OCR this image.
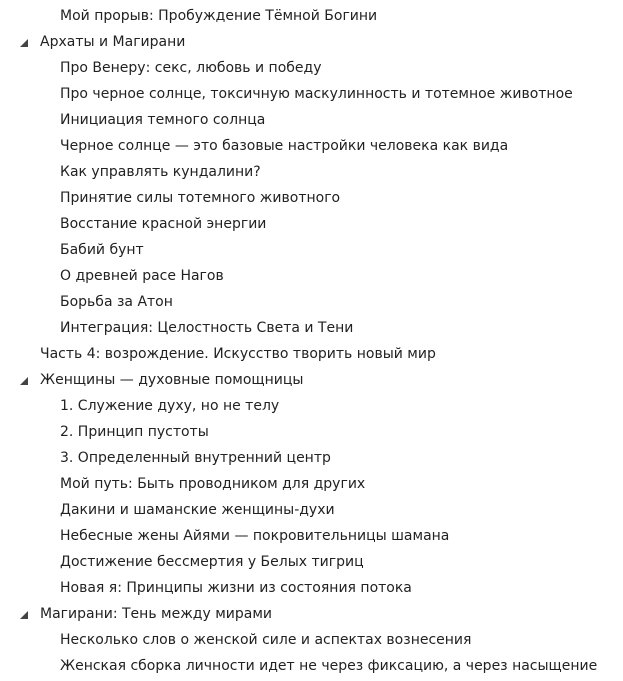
Мой прорыв: Пробуждение Тёмной Богини
Архаты и Магирани
Про Венеру: секс, любовь и победу
Про черное солнце, токсичную маскулинность и тотемное животное
Инициация темного солнца
Черное солнце — это базовые настройки человека как вида
Как управлять кундалини?
Принятие силы тотемного животного
Восстание красной энергии
Бабий бунт
О древней расе Нагов
Борьба за Атон
Интеграция: Целостность Света и Тени
Часть 4: возрождение. Искусство творить новый мир
Женщины — духовные помощницы
1. Служение духу, но не телу
2. Принцип пустоты
3. Определенный внутренний центр
Мой путь: Быть проводником для других
Дакини и шаманские женщины-духи
Небесные жены Айями — покровительницы шамана
Достижение бессмертия у Белых тигриц
Новая я: Принципы жизни из состояния потока
Магирани: Тень между мирами
Несколько слов о женской силе и аспектах вознесения
Женская сборка личности идет не через фиксацию, а через насыщение
